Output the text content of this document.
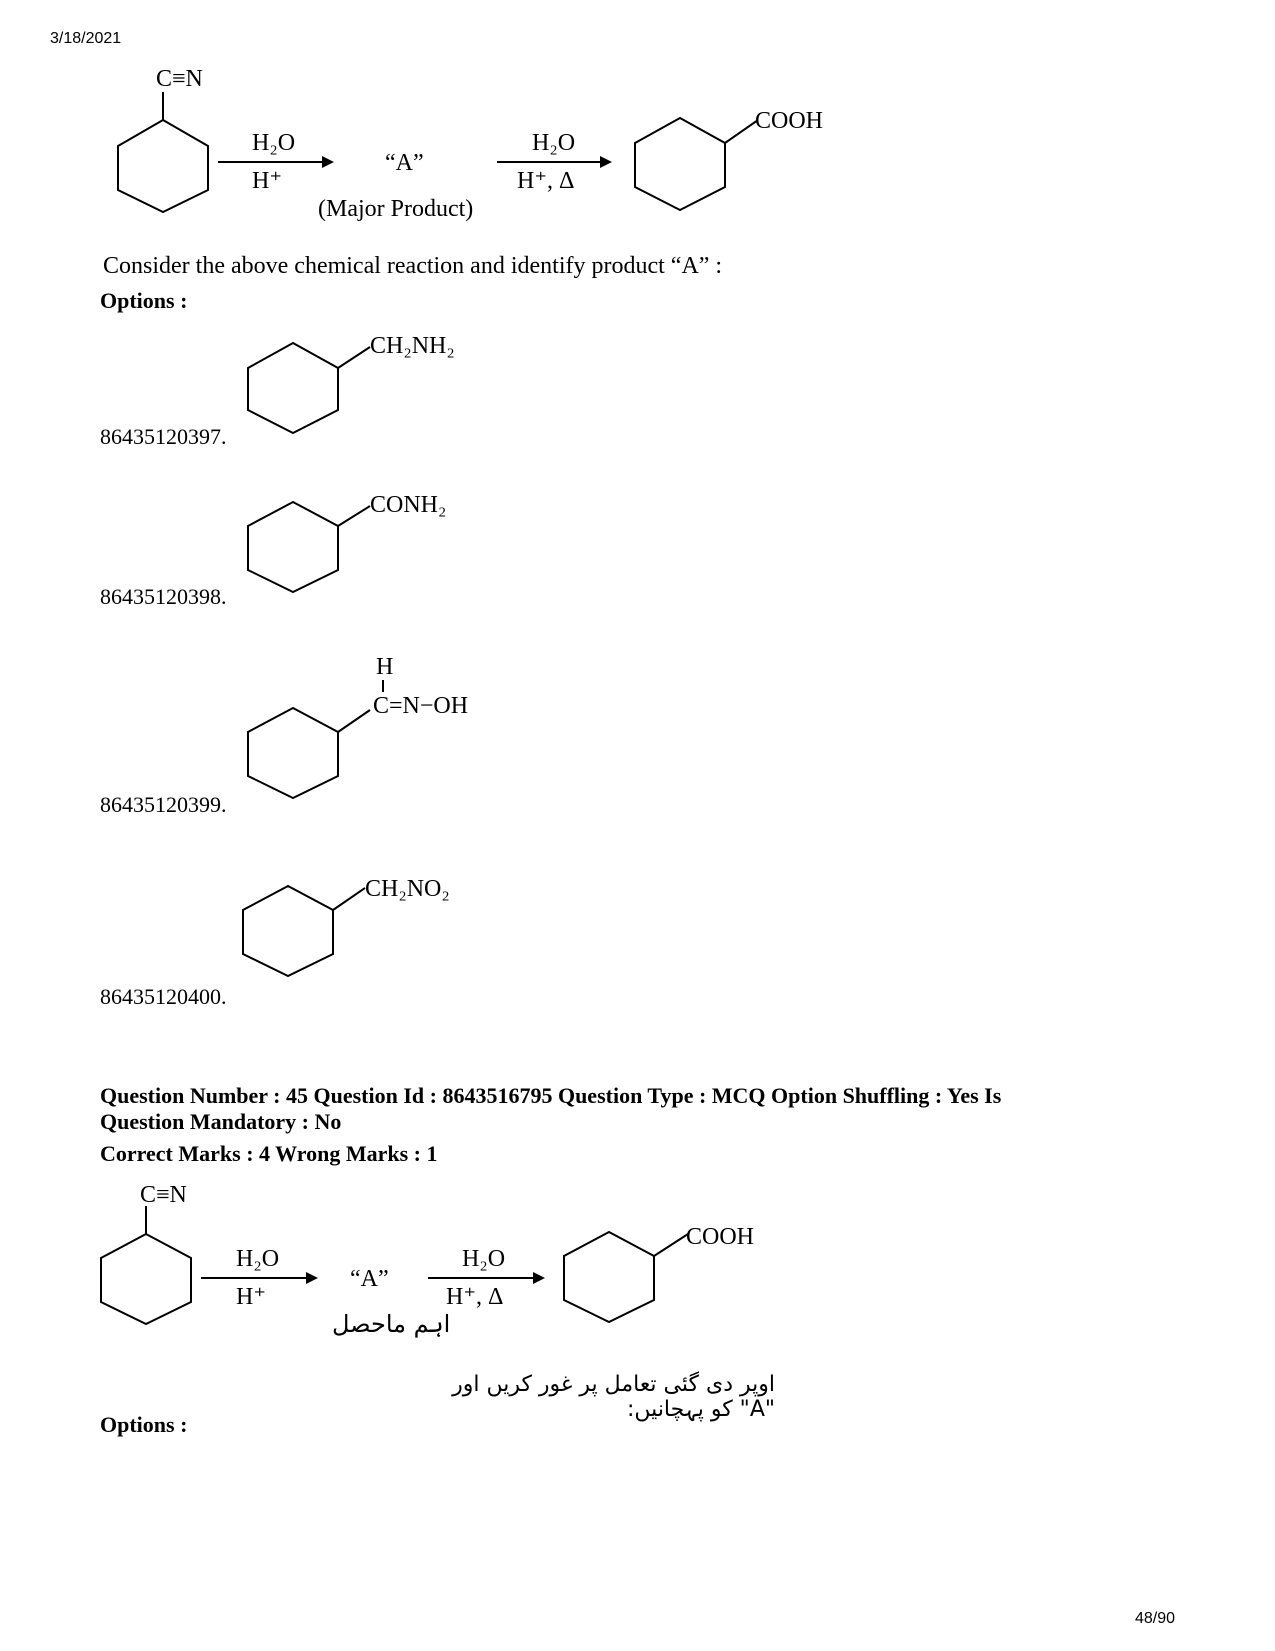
3/18/2021
C≡N
H₂O
H⁺
“A”
(Major Product)
H₂O
H⁺, Δ
COOH
Consider the above chemical reaction and identify product “A” :
Options :
CH₂NH₂
86435120397.
CONH₂
86435120398.
H
C=N−OH
86435120399.
CH₂NO₂
86435120400.
Question Number : 45 Question Id : 8643516795 Question Type : MCQ Option Shuffling : Yes Is
Question Mandatory : No
Correct Marks : 4 Wrong Marks : 1
C≡N
H₂O
H⁺
“A”
اہم ماحصل
H₂O
H⁺, Δ
COOH
اوپر دی گئی تعامل پر غور کریں اور "A" کو پہچانیں:
Options :
48/90
